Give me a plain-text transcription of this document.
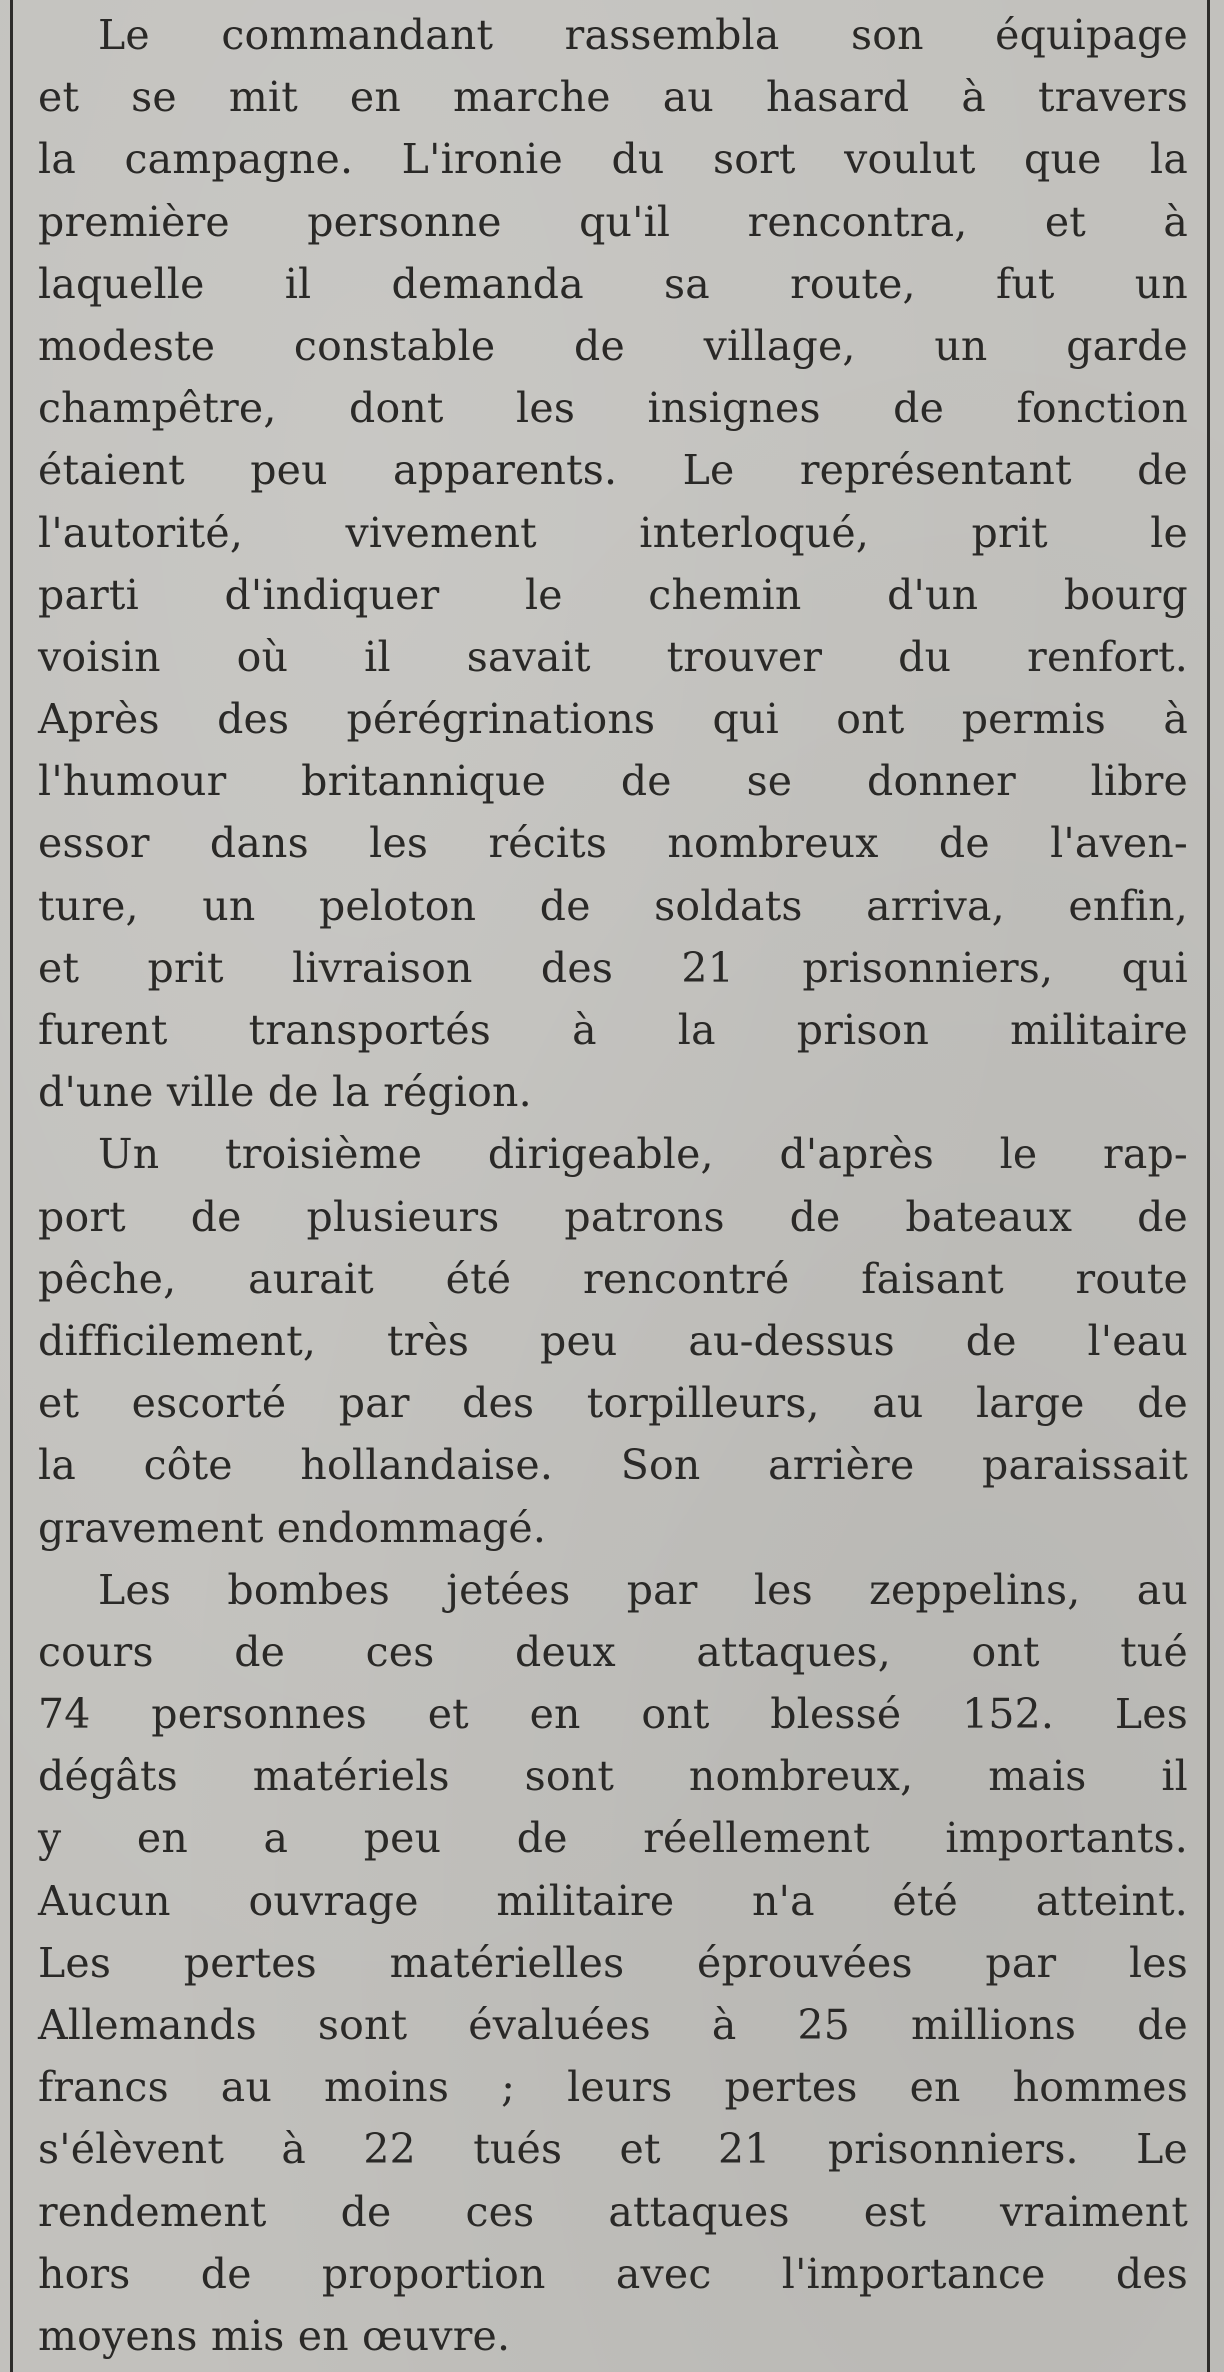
Le commandant rassembla son équipage
et se mit en marche au hasard à travers
la campagne. L'ironie du sort voulut que la
première personne qu'il rencontra, et à
laquelle il demanda sa route, fut un
modeste constable de village, un garde
champêtre, dont les insignes de fonction
étaient peu apparents. Le représentant de
l'autorité, vivement interloqué, prit le
parti d'indiquer le chemin d'un bourg
voisin où il savait trouver du renfort.
Après des pérégrinations qui ont permis à
l'humour britannique de se donner libre
essor dans les récits nombreux de l'aven-
ture, un peloton de soldats arriva, enfin,
et prit livraison des 21 prisonniers, qui
furent transportés à la prison militaire
d'une ville de la région.
Un troisième dirigeable, d'après le rap-
port de plusieurs patrons de bateaux de
pêche, aurait été rencontré faisant route
difficilement, très peu au-dessus de l'eau
et escorté par des torpilleurs, au large de
la côte hollandaise. Son arrière paraissait
gravement endommagé.
Les bombes jetées par les zeppelins, au
cours de ces deux attaques, ont tué
74 personnes et en ont blessé 152. Les
dégâts matériels sont nombreux, mais il
y en a peu de réellement importants.
Aucun ouvrage militaire n'a été atteint.
Les pertes matérielles éprouvées par les
Allemands sont évaluées à 25 millions de
francs au moins ; leurs pertes en hommes
s'élèvent à 22 tués et 21 prisonniers. Le
rendement de ces attaques est vraiment
hors de proportion avec l'importance des
moyens mis en œuvre.
